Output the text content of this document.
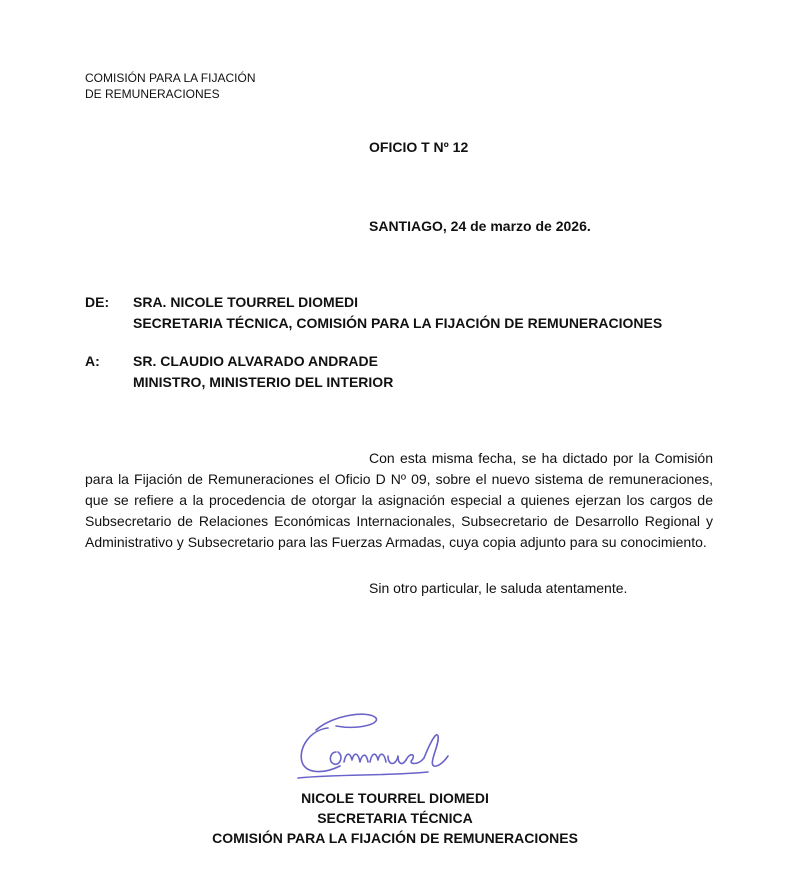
COMISIÓN PARA LA FIJACIÓN
DE REMUNERACIONES
OFICIO T Nº 12
SANTIAGO, 24 de marzo de 2026.
DE: SRA. NICOLE TOURREL DIOMEDI
SECRETARIA TÉCNICA, COMISIÓN PARA LA FIJACIÓN DE REMUNERACIONES
A: SR. CLAUDIO ALVARADO ANDRADE
MINISTRO, MINISTERIO DEL INTERIOR
Con esta misma fecha, se ha dictado por la Comisión para la Fijación de Remuneraciones el Oficio D Nº 09, sobre el nuevo sistema de remuneraciones, que se refiere a la procedencia de otorgar la asignación especial a quienes ejerzan los cargos de Subsecretario de Relaciones Económicas Internacionales, Subsecretario de Desarrollo Regional y Administrativo y Subsecretario para las Fuerzas Armadas, cuya copia adjunto para su conocimiento.
Sin otro particular, le saluda atentamente.
NICOLE TOURREL DIOMEDI
SECRETARIA TÉCNICA
COMISIÓN PARA LA FIJACIÓN DE REMUNERACIONES
